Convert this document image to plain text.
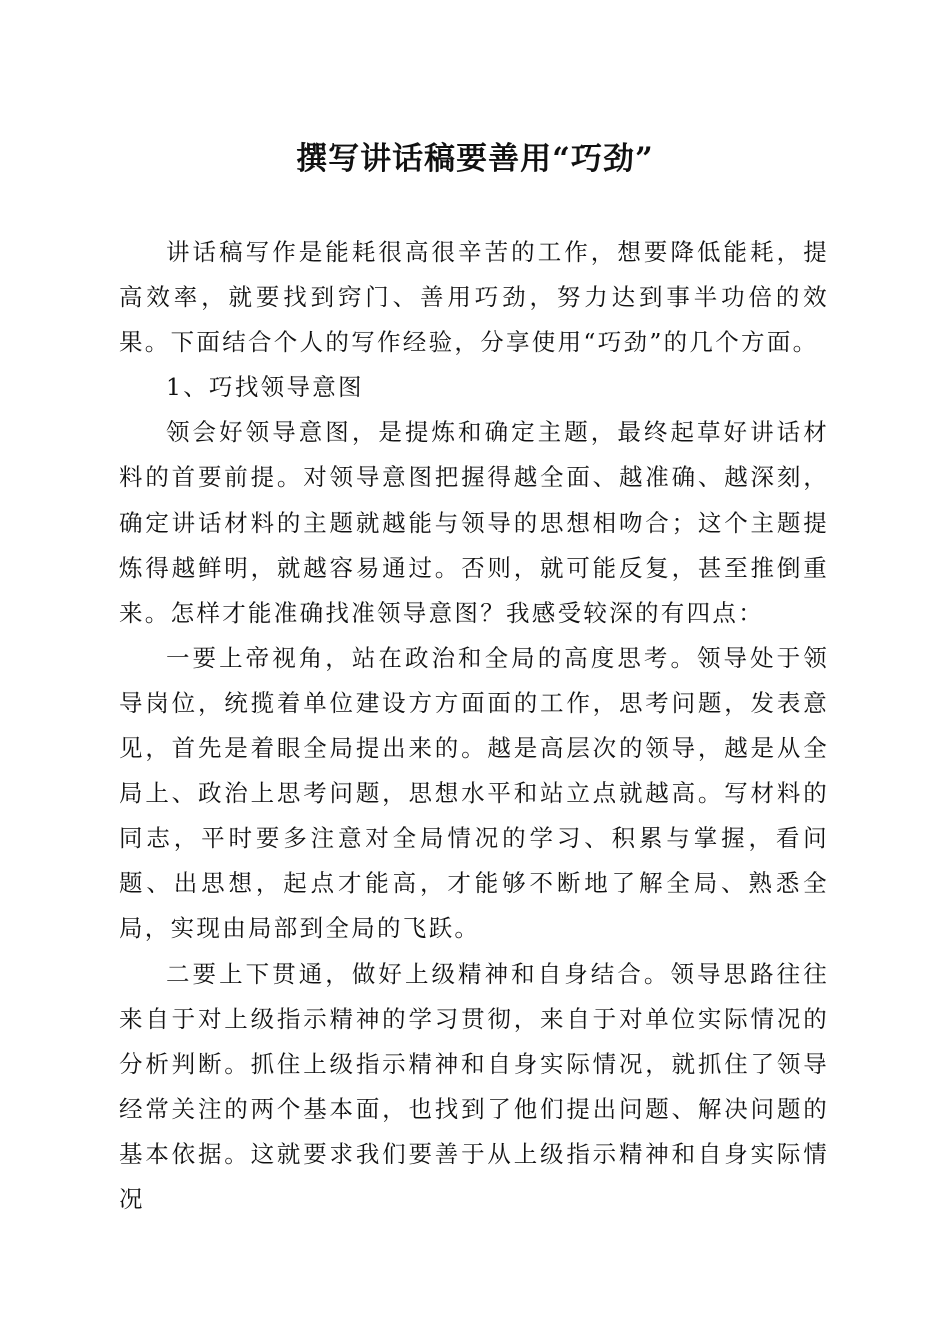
撰写讲话稿要善用“巧劲”

讲话稿写作是能耗很高很辛苦的工作，想要降低能耗，提高效率，就要找到窍门、善用巧劲，努力达到事半功倍的效果。下面结合个人的写作经验，分享使用“巧劲”的几个方面。

1、巧找领导意图

领会好领导意图，是提炼和确定主题，最终起草好讲话材料的首要前提。对领导意图把握得越全面、越准确、越深刻，确定讲话材料的主题就越能与领导的思想相吻合；这个主题提炼得越鲜明，就越容易通过。否则，就可能反复，甚至推倒重来。怎样才能准确找准领导意图？我感受较深的有四点：

一要上帝视角，站在政治和全局的高度思考。领导处于领导岗位，统揽着单位建设方方面面的工作，思考问题，发表意见，首先是着眼全局提出来的。越是高层次的领导，越是从全局上、政治上思考问题，思想水平和站立点就越高。写材料的同志，平时要多注意对全局情况的学习、积累与掌握，看问题、出思想，起点才能高，才能够不断地了解全局、熟悉全局，实现由局部到全局的飞跃。

二要上下贯通，做好上级精神和自身结合。领导思路往往来自于对上级指示精神的学习贯彻，来自于对单位实际情况的分析判断。抓住上级指示精神和自身实际情况，就抓住了领导经常关注的两个基本面，也找到了他们提出问题、解决问题的基本依据。这就要求我们要善于从上级指示精神和自身实际情况
